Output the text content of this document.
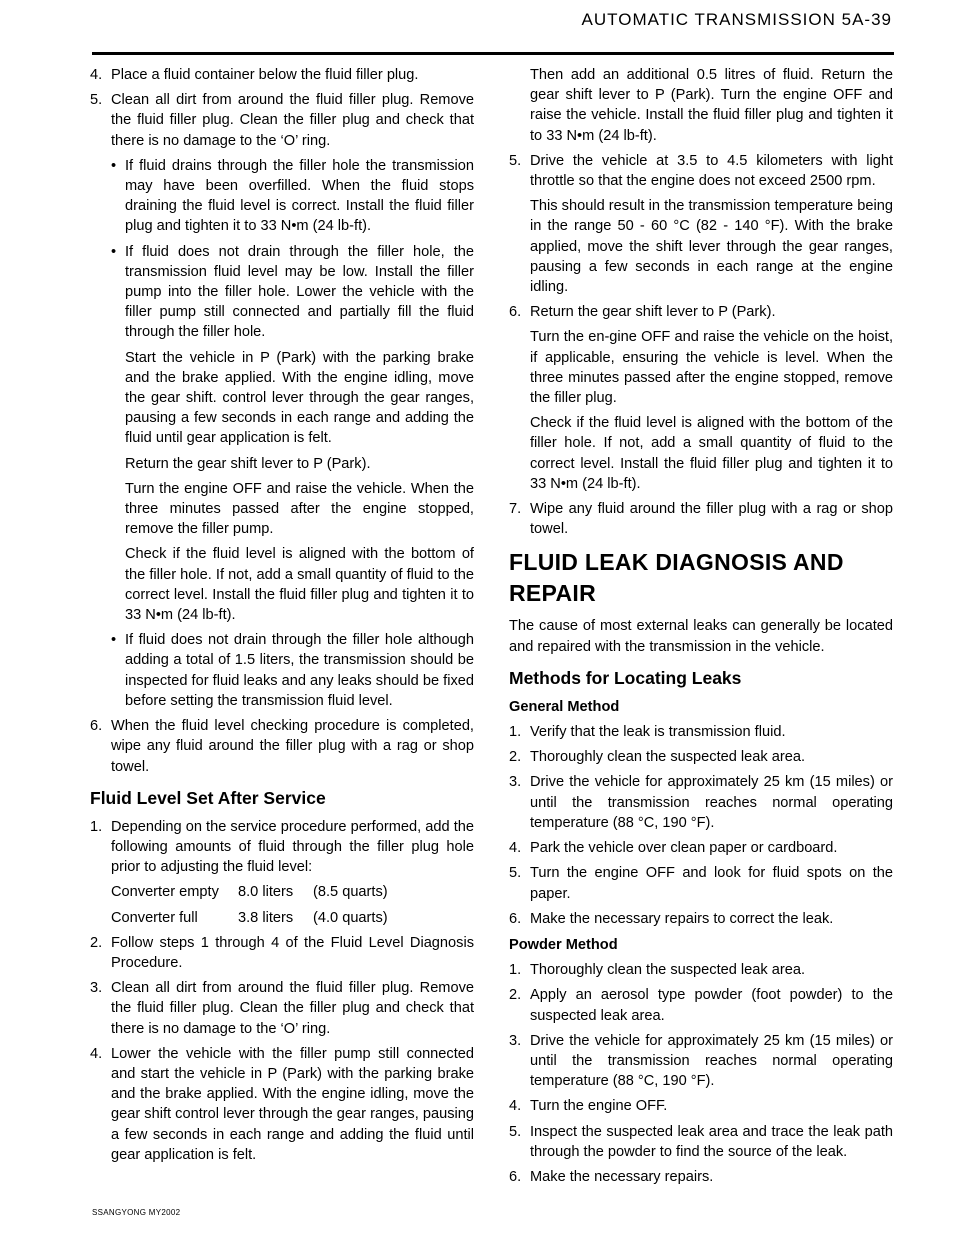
AUTOMATIC TRANSMISSION 5A-39
4. Place a fluid container below the fluid filler plug.
5. Clean all dirt from around the fluid filler plug. Remove the fluid filler plug. Clean the filler plug and check that there is no damage to the ‘O’ ring.
• If fluid drains through the filler hole the transmission may have been overfilled. When the fluid stops draining the fluid level is correct. Install the fluid filler plug and tighten it to 33 N•m (24 lb-ft).
• If fluid does not drain through the filler hole, the transmission fluid level may be low. Install the filler pump into the filler hole. Lower the vehicle with the filler pump still connected and partially fill the fluid through the filler hole.
Start the vehicle in P (Park) with the parking brake and the brake applied. With the engine idling, move the gear shift. control lever through the gear ranges, pausing a few seconds in each range and adding the fluid until gear application is felt.
Return the gear shift lever to P (Park).
Turn the engine OFF and raise the vehicle. When the three minutes passed after the engine stopped, remove the filler pump.
Check if the fluid level is aligned with the bottom of the filler hole. If not, add a small quantity of fluid to the correct level. Install the fluid filler plug and tighten it to 33 N•m (24 lb-ft).
• If fluid does not drain through the filler hole although adding a total of 1.5 liters, the transmission should be inspected for fluid leaks and any leaks should be fixed before setting the transmission fluid level.
6. When the fluid level checking procedure is completed, wipe any fluid around the filler plug with a rag or shop towel.
Fluid Level Set After Service
1. Depending on the service procedure performed, add the following amounts of fluid through the filler plug hole prior to adjusting the fluid level:
Converter empty	8.0 liters	(8.5 quarts)
Converter full	3.8 liters	(4.0 quarts)
2. Follow steps 1 through 4 of the Fluid Level Diagnosis Procedure.
3. Clean all dirt from around the fluid filler plug. Remove the fluid filler plug. Clean the filler plug and check that there is no damage to the ‘O’ ring.
4. Lower the vehicle with the filler pump still connected and start the vehicle in P (Park) with the parking brake and the brake applied. With the engine idling, move the gear shift control lever through the gear ranges, pausing a few seconds in each range and adding the fluid until gear application is felt.
Then add an additional 0.5 litres of fluid. Return the gear shift lever to P (Park). Turn the engine OFF and raise the vehicle. Install the fluid filler plug and tighten it to 33 N•m (24 lb-ft).
5. Drive the vehicle at 3.5 to 4.5 kilometers with light throttle so that the engine does not exceed 2500 rpm.
This should result in the transmission temperature being in the range 50 - 60 °C (82 - 140 °F). With the brake applied, move the shift lever through the gear ranges, pausing a few seconds in each range at the engine idling.
6. Return the gear shift lever to P (Park).
Turn the en-gine OFF and raise the vehicle on the hoist, if applicable, ensuring the vehicle is level. When the three minutes passed after the engine stopped, remove the filler plug.
Check if the fluid level is aligned with the bottom of the filler hole. If not, add a small quantity of fluid to the correct level. Install the fluid filler plug and tighten it to 33 N•m (24 lb-ft).
7. Wipe any fluid around the filler plug with a rag or shop towel.
FLUID LEAK DIAGNOSIS AND
REPAIR
The cause of most external leaks can generally be located and repaired with the transmission in the vehicle.
Methods for Locating Leaks
General Method
1. Verify that the leak is transmission fluid.
2. Thoroughly clean the suspected leak area.
3. Drive the vehicle for approximately 25 km (15 miles) or until the transmission reaches normal operating temperature (88 °C, 190 °F).
4. Park the vehicle over clean paper or cardboard.
5. Turn the engine OFF and look for fluid spots on the paper.
6. Make the necessary repairs to correct the leak.
Powder Method
1. Thoroughly clean the suspected leak area.
2. Apply an aerosol type powder (foot powder) to the suspected leak area.
3. Drive the vehicle for approximately 25 km (15 miles) or until the transmission reaches normal operating temperature (88 °C, 190 °F).
4. Turn the engine OFF.
5. Inspect the suspected leak area and trace the leak path through the powder to find the source of the leak.
6. Make the necessary repairs.
SSANGYONG MY2002
